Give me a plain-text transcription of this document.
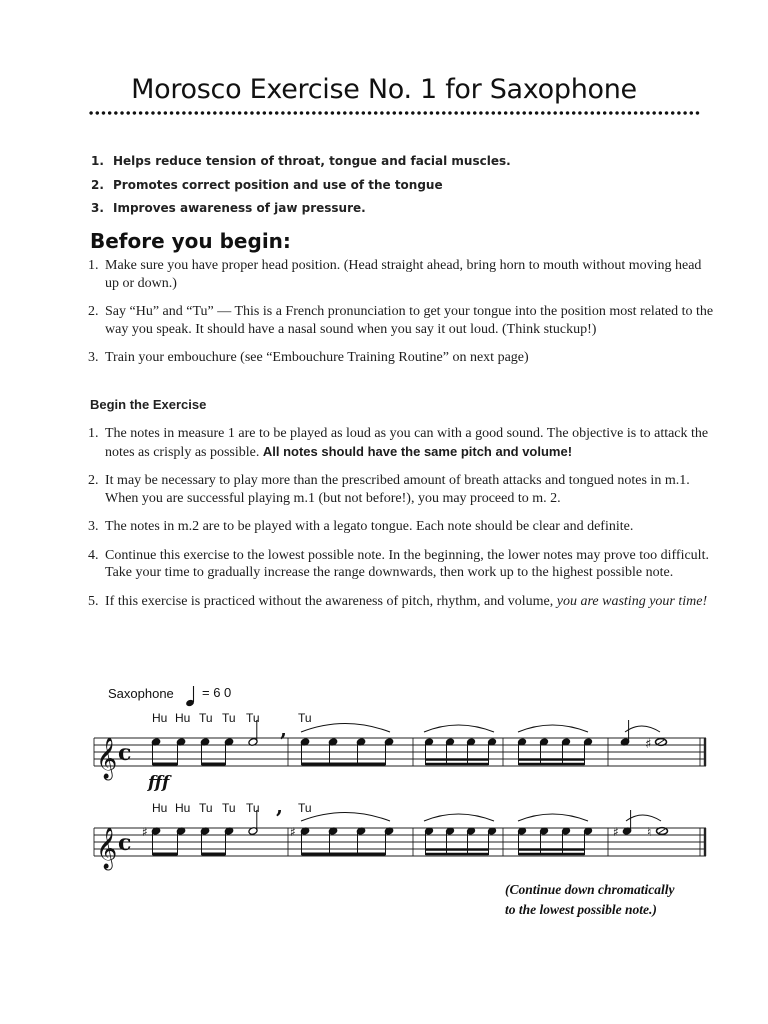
Morosco Exercise No. 1 for Saxophone
1. Helps reduce tension of throat, tongue and facial muscles.
2. Promotes correct position and use of the tongue
3. Improves awareness of jaw pressure.
Before you begin:
1. Make sure you have proper head position. (Head straight ahead, bring horn to mouth without moving head up or down.)
2. Say “Hu” and “Tu” — This is a French pronunciation to get your tongue into the position most related to the way you speak. It should have a nasal sound when you say it out loud. (Think stuckup!)
3. Train your embouchure (see “Embouchure Training Routine” on next page)
Begin the Exercise
1. The notes in measure 1 are to be played as loud as you can with a good sound. The objective is to attack the notes as crisply as possible. All notes should have the same pitch and volume!
2. It may be necessary to play more than the prescribed amount of breath attacks and tongued notes in m.1. When you are successful playing m.1 (but not before!), you may proceed to m. 2.
3. The notes in m.2 are to be played with a legato tongue. Each note should be clear and definite.
4. Continue this exercise to the lowest possible note. In the beginning, the lower notes may prove too difficult. Take your time to gradually increase the range downwards, then work up to the highest possible note.
5. If this exercise is practiced without the awareness of pitch, rhythm, and volume, you are wasting your time!
Saxophone = 6 0
Hu Hu Tu Tu Tu	Tu
,
𝄞 c
fff
♯
Hu Hu Tu Tu Tu	Tu
,
𝄞 c ♯	♯	♯ ♮
(Continue down chromatically
to the lowest possible note.)
